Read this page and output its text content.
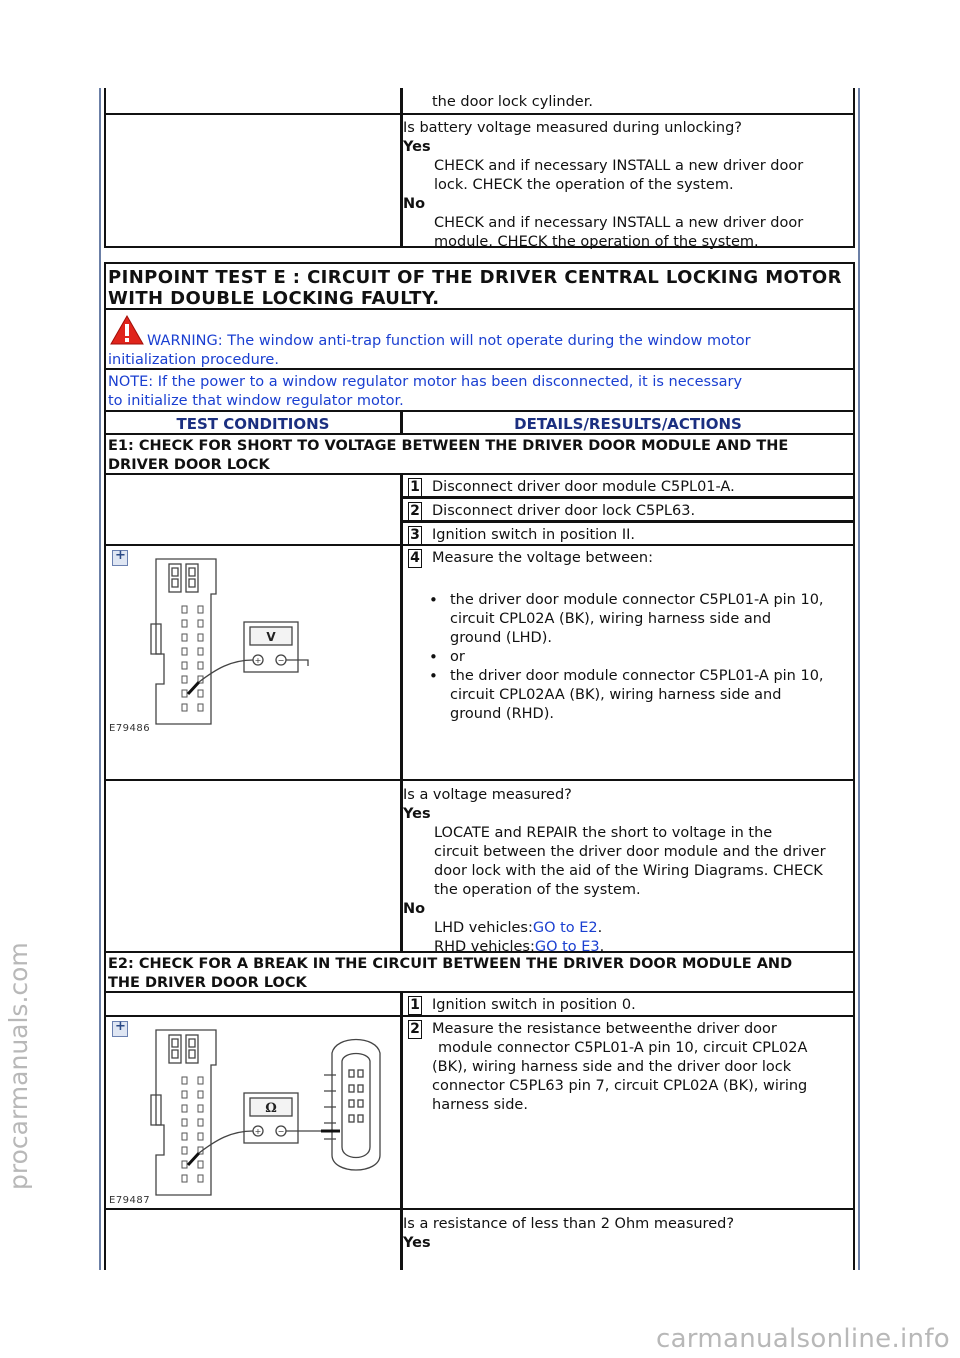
procarmanuals.com
carmanualsonline.info
the door lock cylinder.
Is battery voltage measured during unlocking?
Yes
CHECK and if necessary INSTALL a new driver door
lock. CHECK the operation of the system.
No
CHECK and if necessary INSTALL a new driver door
module. CHECK the operation of the system.
PINPOINT TEST E : CIRCUIT OF THE DRIVER CENTRAL LOCKING MOTOR
WITH DOUBLE LOCKING FAULTY.
WARNING: The window anti-trap function will not operate during the window motor
initialization procedure.
NOTE: If the power to a window regulator motor has been disconnected, it is necessary
to initialize that window regulator motor.
TEST CONDITIONS	DETAILS/RESULTS/ACTIONS
E1: CHECK FOR SHORT TO VOLTAGE BETWEEN THE DRIVER DOOR MODULE AND THE
DRIVER DOOR LOCK
1 Disconnect driver door module C5PL01-A.
2 Disconnect driver door lock C5PL63.
3 Ignition switch in position II.
+
V
+ −
E79486
4 Measure the voltage between:
• the driver door module connector C5PL01-A pin 10,
circuit CPL02A (BK), wiring harness side and
ground (LHD).
• or
• the driver door module connector C5PL01-A pin 10,
circuit CPL02AA (BK), wiring harness side and
ground (RHD).
Is a voltage measured?
Yes
LOCATE and REPAIR the short to voltage in the
circuit between the driver door module and the driver
door lock with the aid of the Wiring Diagrams. CHECK
the operation of the system.
No
LHD vehicles:GO to E2.
RHD vehicles:GO to E3.
E2: CHECK FOR A BREAK IN THE CIRCUIT BETWEEN THE DRIVER DOOR MODULE AND
THE DRIVER DOOR LOCK
1 Ignition switch in position 0.
+
Ω
+ −
E79487
2 Measure the resistance betweenthe driver door
module connector C5PL01-A pin 10, circuit CPL02A
(BK), wiring harness side and the driver door lock
connector C5PL63 pin 7, circuit CPL02A (BK), wiring
harness side.
Is a resistance of less than 2 Ohm measured?
Yes
